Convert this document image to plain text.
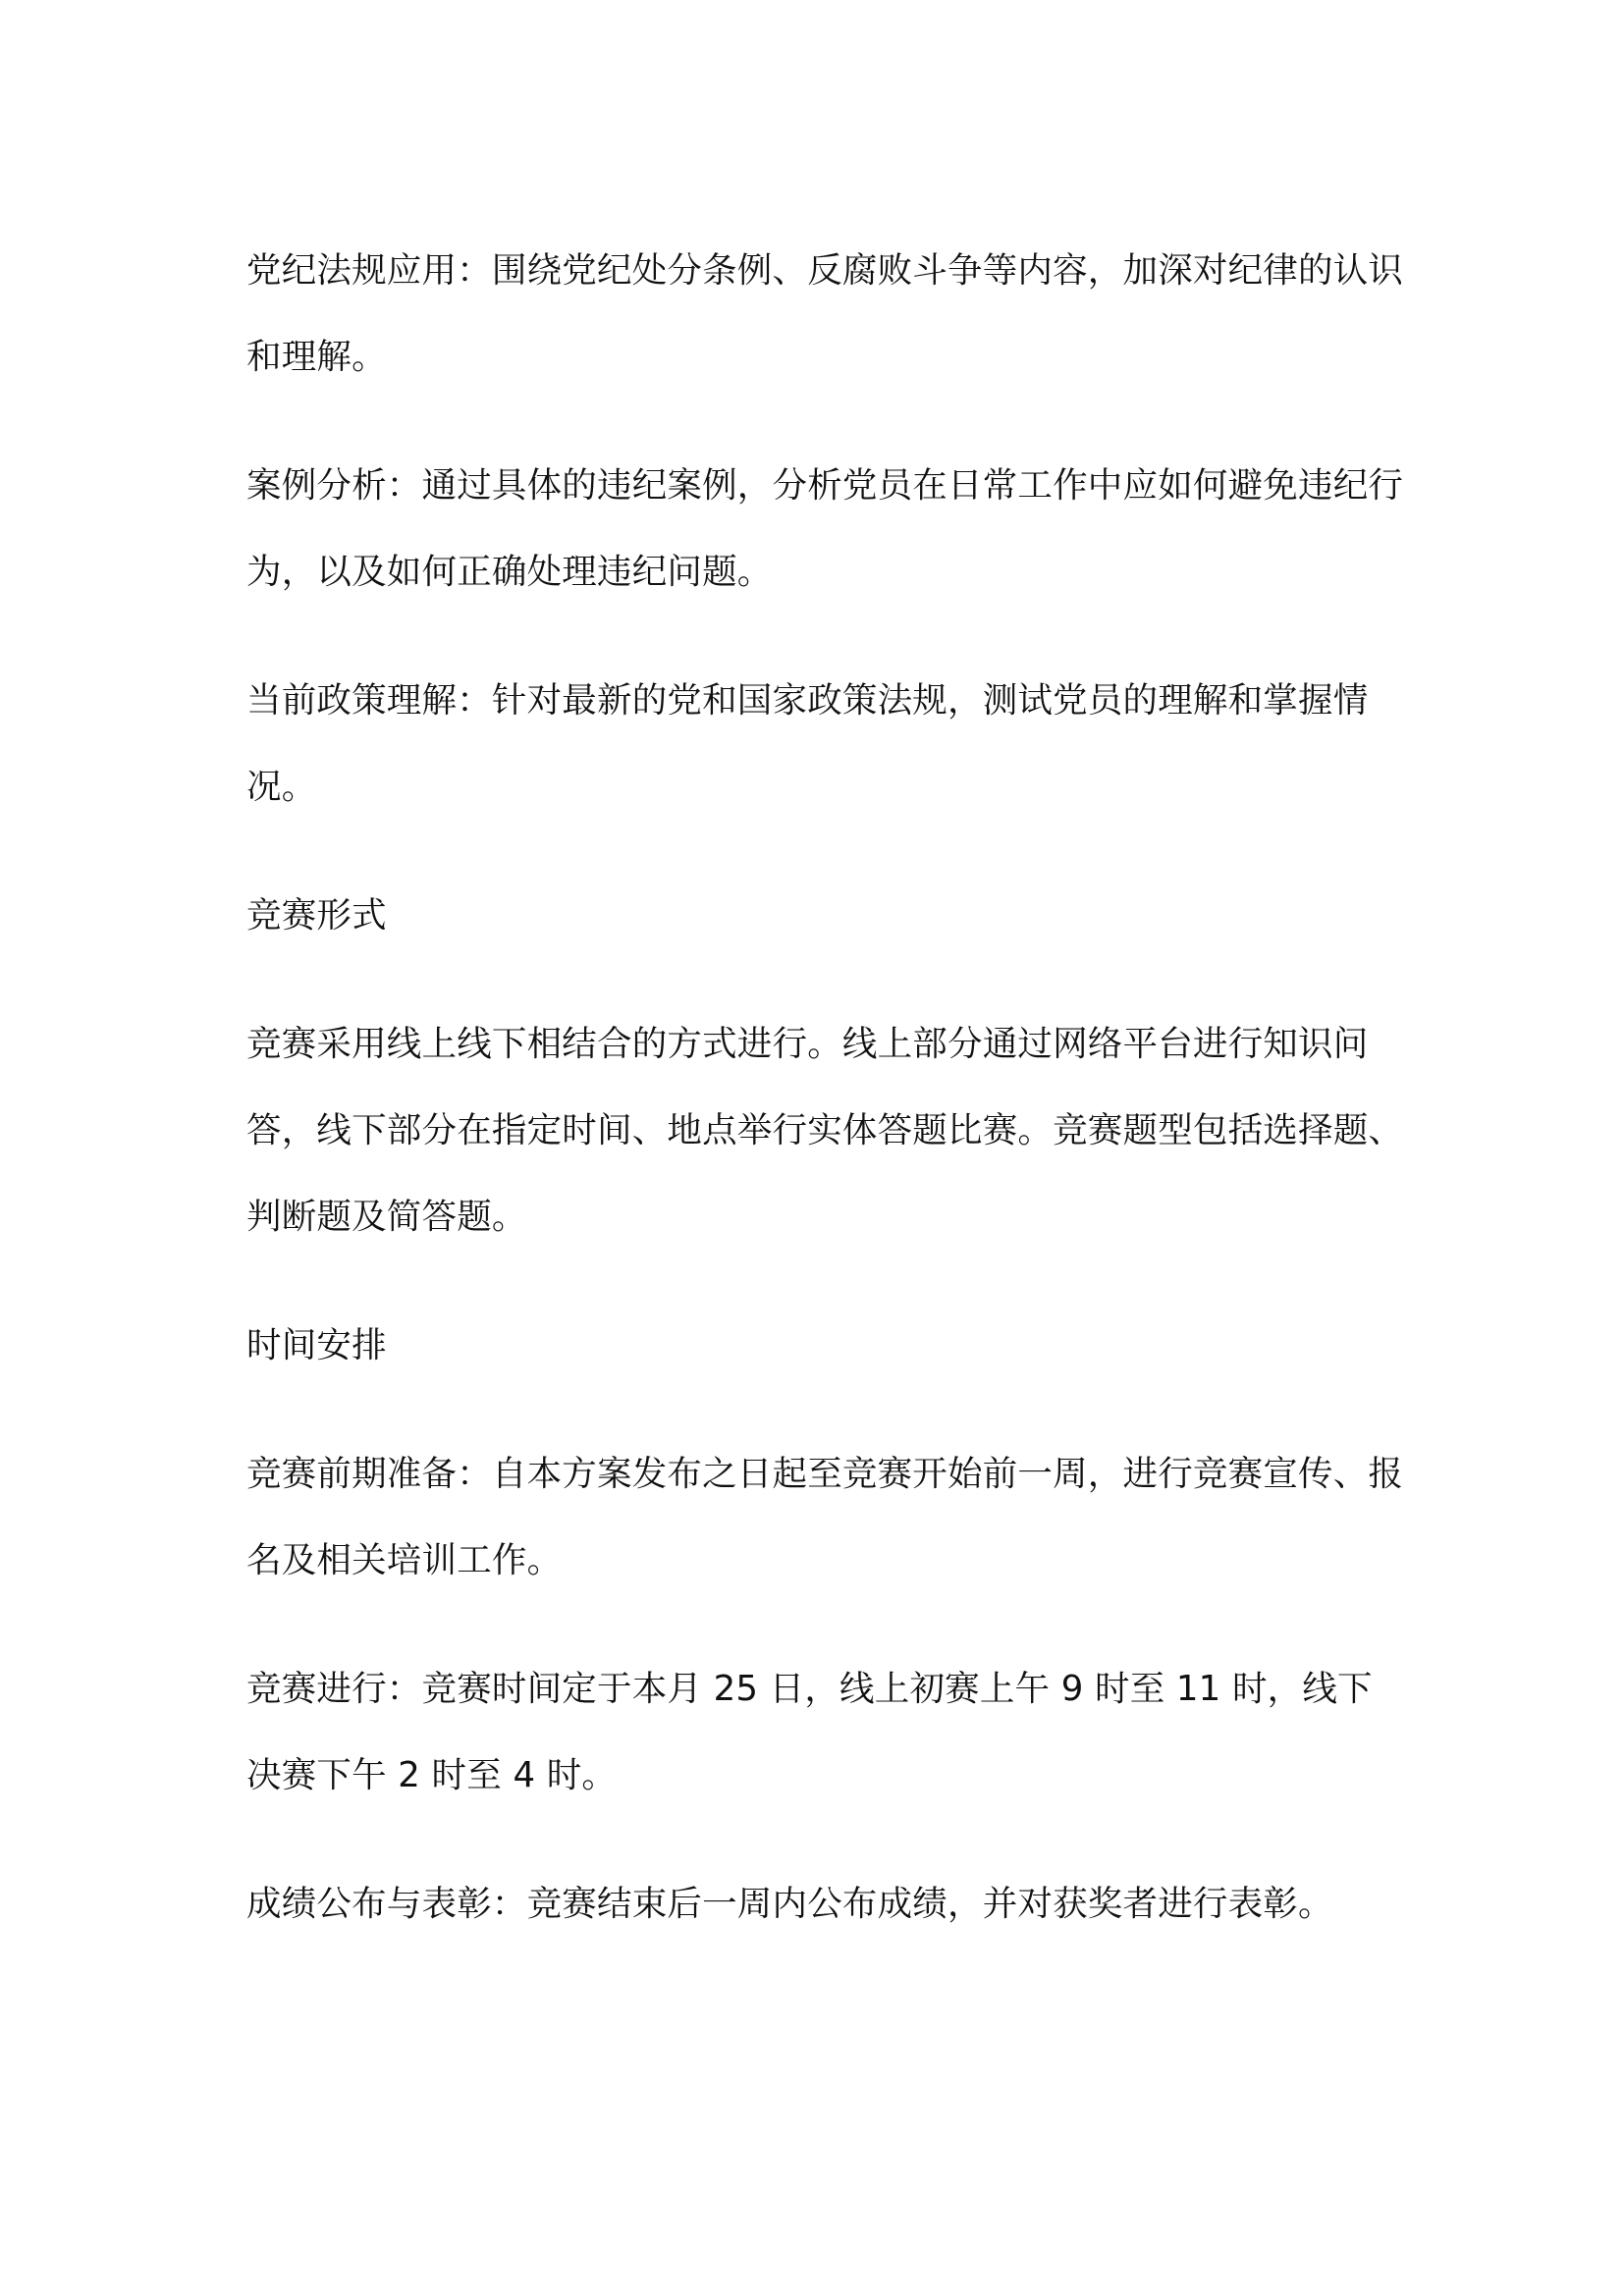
党纪法规应用：围绕党纪处分条例、反腐败斗争等内容，加深对纪律的认识和理解。

案例分析：通过具体的违纪案例，分析党员在日常工作中应如何避免违纪行为，以及如何正确处理违纪问题。

当前政策理解：针对最新的党和国家政策法规，测试党员的理解和掌握情况。

竞赛形式

竞赛采用线上线下相结合的方式进行。线上部分通过网络平台进行知识问答，线下部分在指定时间、地点举行实体答题比赛。竞赛题型包括选择题、判断题及简答题。

时间安排

竞赛前期准备：自本方案发布之日起至竞赛开始前一周，进行竞赛宣传、报名及相关培训工作。

竞赛进行：竞赛时间定于本月 25 日，线上初赛上午 9 时至 11 时，线下决赛下午 2 时至 4 时。

成绩公布与表彰：竞赛结束后一周内公布成绩，并对获奖者进行表彰。
